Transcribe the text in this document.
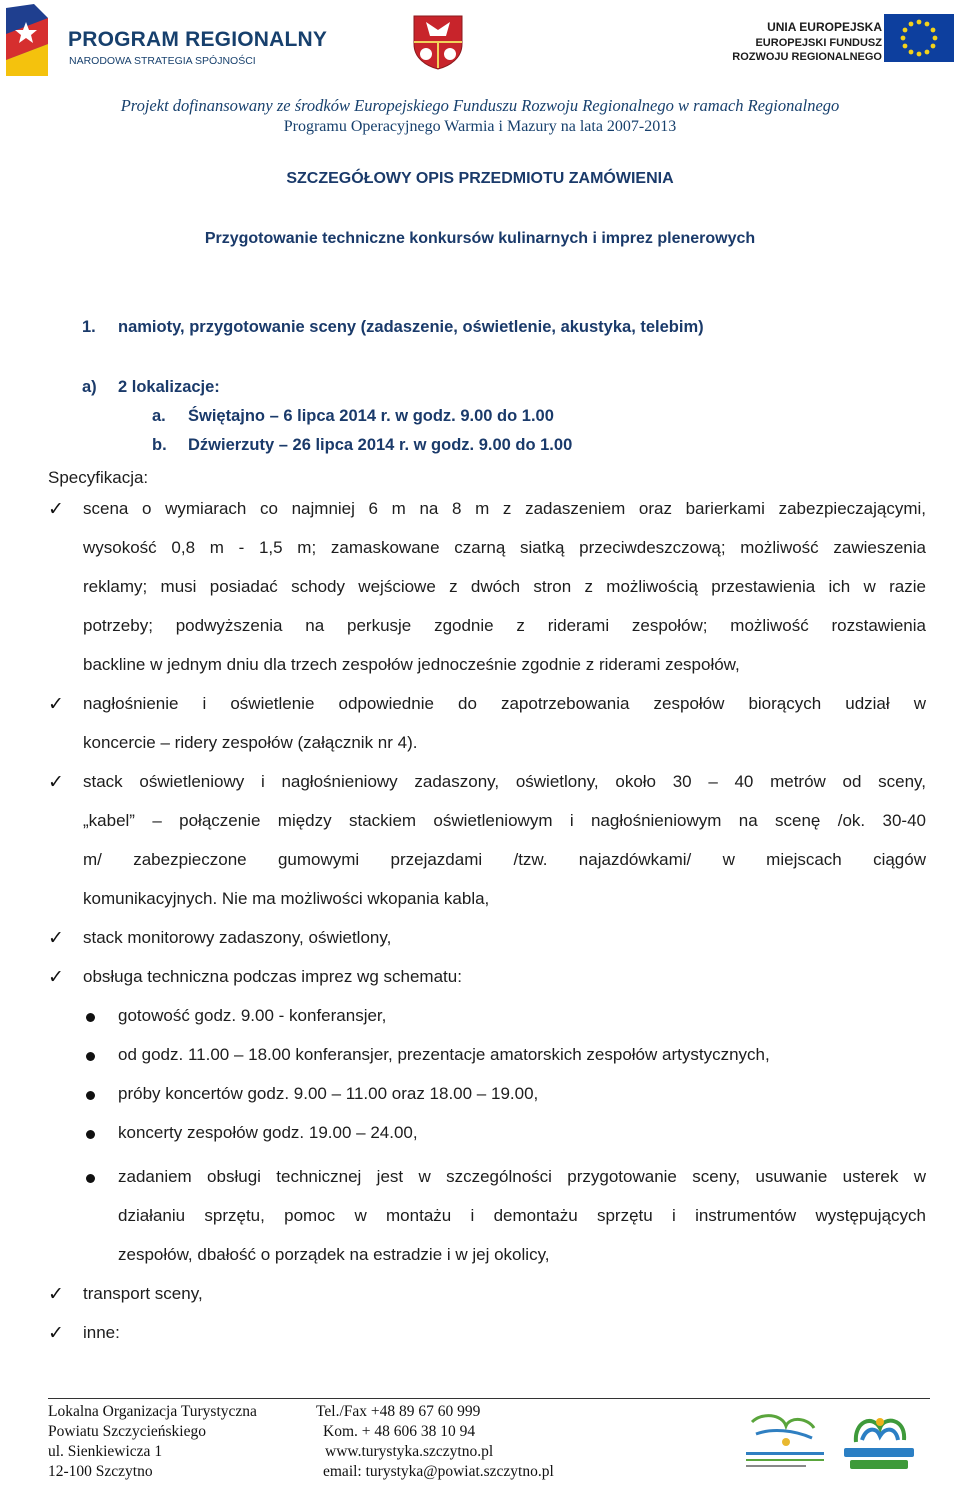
PROGRAM REGIONALNY
NARODOWA STRATEGIA SPÓJNOŚCI
UNIA EUROPEJSKA
EUROPEJSKI FUNDUSZ
ROZWOJU REGIONALNEGO
Projekt dofinansowany ze środków Europejskiego Funduszu Rozwoju Regionalnego w ramach Regionalnego
Programu Operacyjnego Warmia i Mazury na lata 2007-2013
SZCZEGÓŁOWY OPIS PRZEDMIOTU ZAMÓWIENIA
Przygotowanie techniczne konkursów kulinarnych i imprez plenerowych
1. namioty, przygotowanie sceny (zadaszenie, oświetlenie, akustyka, telebim)
a) 2 lokalizacje:
a. Świętajno – 6 lipca 2014 r. w godz. 9.00 do 1.00
b. Dźwierzuty – 26 lipca 2014 r. w godz. 9.00 do 1.00
Specyfikacja:
✓ scena o wymiarach co najmniej 6 m na 8 m z zadaszeniem oraz barierkami zabezpieczającymi,
wysokość 0,8 m - 1,5 m; zamaskowane czarną siatką przeciwdeszczową; możliwość zawieszenia
reklamy; musi posiadać schody wejściowe z dwóch stron z możliwością przestawienia ich w razie
potrzeby; podwyższenia na perkusje zgodnie z riderami zespołów; możliwość rozstawienia
backline w jednym dniu dla trzech zespołów jednocześnie zgodnie z riderami zespołów,
✓ nagłośnienie i oświetlenie odpowiednie do zapotrzebowania zespołów biorących udział w
koncercie – ridery zespołów (załącznik nr 4).
✓ stack oświetleniowy i nagłośnieniowy zadaszony, oświetlony, około 30 – 40 metrów od sceny,
„kabel” – połączenie między stackiem oświetleniowym i nagłośnieniowym na scenę /ok. 30-40
m/ zabezpieczone gumowymi przejazdami /tzw. najazdówkami/ w miejscach ciągów
komunikacyjnych. Nie ma możliwości wkopania kabla,
✓ stack monitorowy zadaszony, oświetlony,
✓ obsługa techniczna podczas imprez wg schematu:
gotowość godz. 9.00 - konferansjer,
od godz. 11.00 – 18.00 konferansjer, prezentacje amatorskich zespołów artystycznych,
próby koncertów godz. 9.00 – 11.00 oraz 18.00 – 19.00,
koncerty zespołów godz. 19.00 – 24.00,
zadaniem obsługi technicznej jest w szczególności przygotowanie sceny, usuwanie usterek w
działaniu sprzętu, pomoc w montażu i demontażu sprzętu i instrumentów występujących
zespołów, dbałość o porządek na estradzie i w jej okolicy,
✓ transport sceny,
✓ inne:
Lokalna Organizacja Turystyczna
Powiatu Szczycieńskiego
ul. Sienkiewicza 1
12-100 Szczytno
Tel./Fax +48 89 67 60 999
Kom. + 48 606 38 10 94
www.turystyka.szczytno.pl
email: turystyka@powiat.szczytno.pl
